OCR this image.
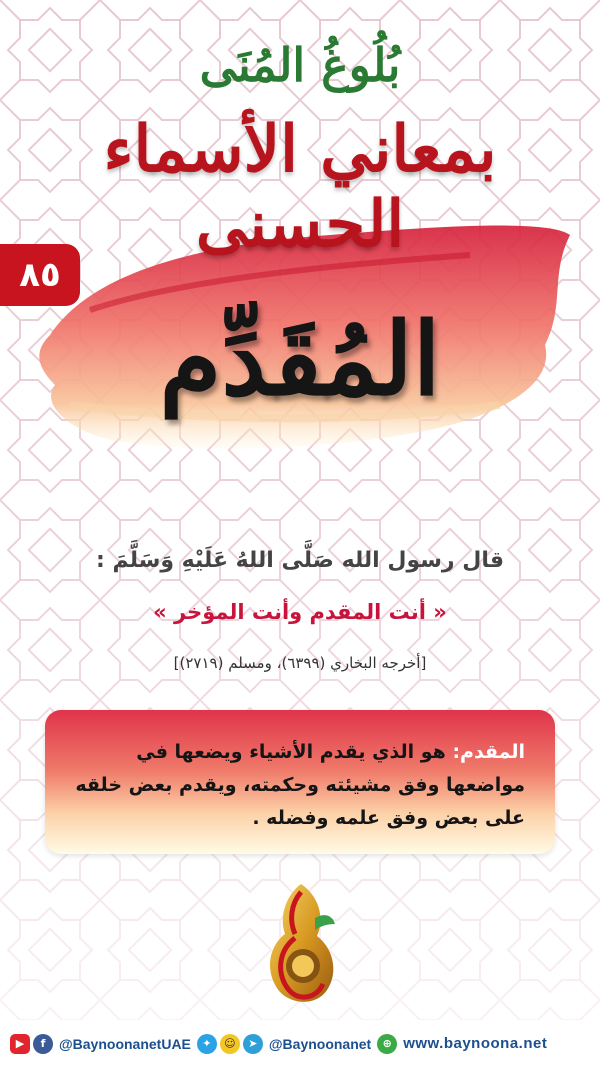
بُلُوغُ المُنَى
بمعاني الأسماء الحسنى
٨٥
المُقَدِّم
قال رسول الله صَلَّى اللهُ عَلَيْهِ وَسَلَّمَ :
« أنت المقدم وأنت المؤخر »
[أخرجه البخاري (٦٣٩٩)، ومسلم (٢٧١٩)]
المقدم: هو الذي يقدم الأشياء ويضعها في مواضعها وفق مشيئته وحكمته، ويقدم بعض خلقه على بعض وفق علمه وفضله .
▶	f @BaynoonanetUAE	✦	☺	➤ @Baynoonanet	⊕ www.baynoona.net
